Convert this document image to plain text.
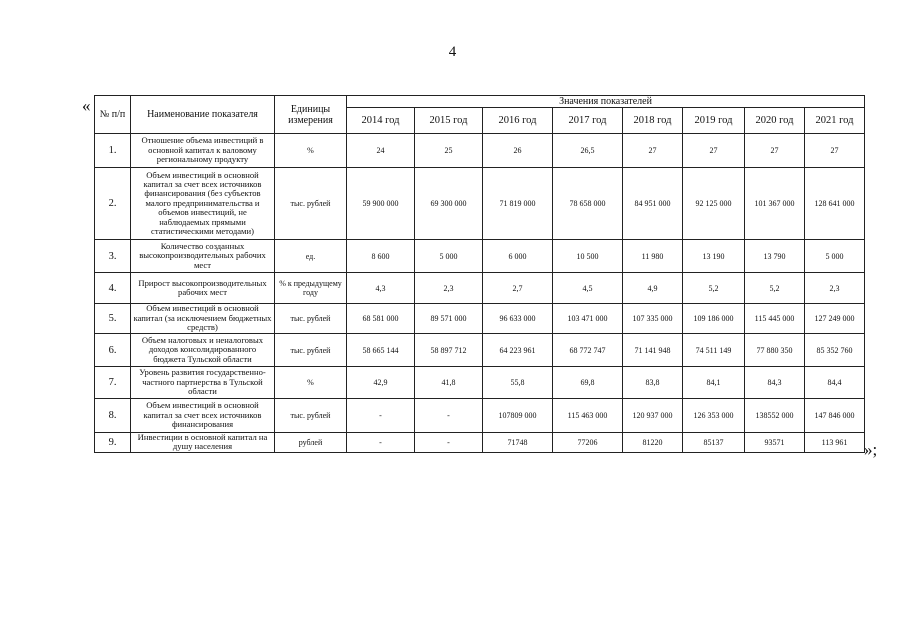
4
«
»;
№ п/п	Наименование показателя	Единицы измерения	Значения показателей							
			2014 год	2015 год	2016 год	2017 год	2018 год	2019 год	2020 год	2021 год
1.	Отношение объема инвестиций в основной капитал к валовому региональному продукту	%	24	25	26	26,5	27	27	27	27
2.	Объем инвестиций в основной капитал за счет всех источников финансирования (без субъектов малого предпринимательства и объемов инвестиций, не наблюдаемых прямыми статистическими методами)	тыс. рублей	59 900 000	69 300 000	71 819 000	78 658 000	84 951 000	92 125 000	101 367 000	128 641 000
3.	Количество созданных высокопроизводительных рабочих мест	ед.	8 600	5 000	6 000	10 500	11 980	13 190	13 790	5 000
4.	Прирост высокопроизводительных рабочих мест	% к предыдущему году	4,3	2,3	2,7	4,5	4,9	5,2	5,2	2,3
5.	Объем инвестиций в основной капитал (за исключением бюджетных средств)	тыс. рублей	68 581 000	89 571 000	96 633 000	103 471 000	107 335 000	109 186 000	115 445 000	127 249 000
6.	Объем налоговых и неналоговых доходов консолидированного бюджета Тульской области	тыс. рублей	58 665 144	58 897 712	64 223 961	68 772 747	71 141 948	74 511 149	77 880 350	85 352 760
7.	Уровень развития государственно-частного партнерства в Тульской области	%	42,9	41,8	55,8	69,8	83,8	84,1	84,3	84,4
8.	Объем инвестиций в основной капитал за счет всех источников финансирования	тыс. рублей	-	-	107809 000	115 463 000	120 937 000	126 353 000	138552 000	147 846 000
9.	Инвестиции в основной капитал на душу населения	рублей	-	-	71748	77206	81220	85137	93571	113 961
